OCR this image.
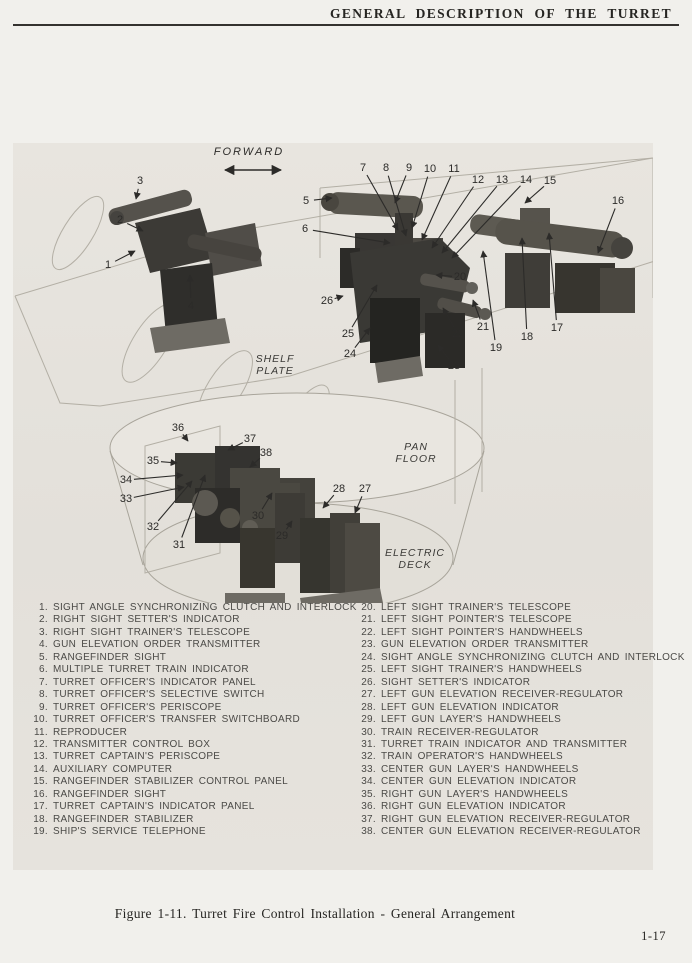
GENERAL DESCRIPTION OF THE TURRET
FORWARD
SHELF
PLATE
PAN
FLOOR
ELECTRIC
DECK
1
2
3
4
5
6
7 8 9 10 11
12 13 14 15
16
17
18
19
20
21
22
23
24
25
26
27
28
29
30
31
32
33
34
35
36
37
38
1. SIGHT ANGLE SYNCHRONIZING CLUTCH AND INTERLOCK
2. RIGHT SIGHT SETTER'S INDICATOR
3. RIGHT SIGHT TRAINER'S TELESCOPE
4. GUN ELEVATION ORDER TRANSMITTER
5. RANGEFINDER SIGHT
6. MULTIPLE TURRET TRAIN INDICATOR
7. TURRET OFFICER'S INDICATOR PANEL
8. TURRET OFFICER'S SELECTIVE SWITCH
9. TURRET OFFICER'S PERISCOPE
10. TURRET OFFICER'S TRANSFER SWITCHBOARD
11. REPRODUCER
12. TRANSMITTER CONTROL BOX
13. TURRET CAPTAIN'S PERISCOPE
14. AUXILIARY COMPUTER
15. RANGEFINDER STABILIZER CONTROL PANEL
16. RANGEFINDER SIGHT
17. TURRET CAPTAIN'S INDICATOR PANEL
18. RANGEFINDER STABILIZER
19. SHIP'S SERVICE TELEPHONE
20. LEFT SIGHT TRAINER'S TELESCOPE
21. LEFT SIGHT POINTER'S TELESCOPE
22. LEFT SIGHT POINTER'S HANDWHEELS
23. GUN ELEVATION ORDER TRANSMITTER
24. SIGHT ANGLE SYNCHRONIZING CLUTCH AND INTERLOCK
25. LEFT SIGHT TRAINER'S HANDWHEELS
26. SIGHT SETTER'S INDICATOR
27. LEFT GUN ELEVATION RECEIVER-REGULATOR
28. LEFT GUN ELEVATION INDICATOR
29. LEFT GUN LAYER'S HANDWHEELS
30. TRAIN RECEIVER-REGULATOR
31. TURRET TRAIN INDICATOR AND TRANSMITTER
32. TRAIN OPERATOR'S HANDWHEELS
33. CENTER GUN LAYER'S HANDWHEELS
34. CENTER GUN ELEVATION INDICATOR
35. RIGHT GUN LAYER'S HANDWHEELS
36. RIGHT GUN ELEVATION INDICATOR
37. RIGHT GUN ELEVATION RECEIVER-REGULATOR
38. CENTER GUN ELEVATION RECEIVER-REGULATOR
Figure 1-11. Turret Fire Control Installation - General Arrangement
1-17
